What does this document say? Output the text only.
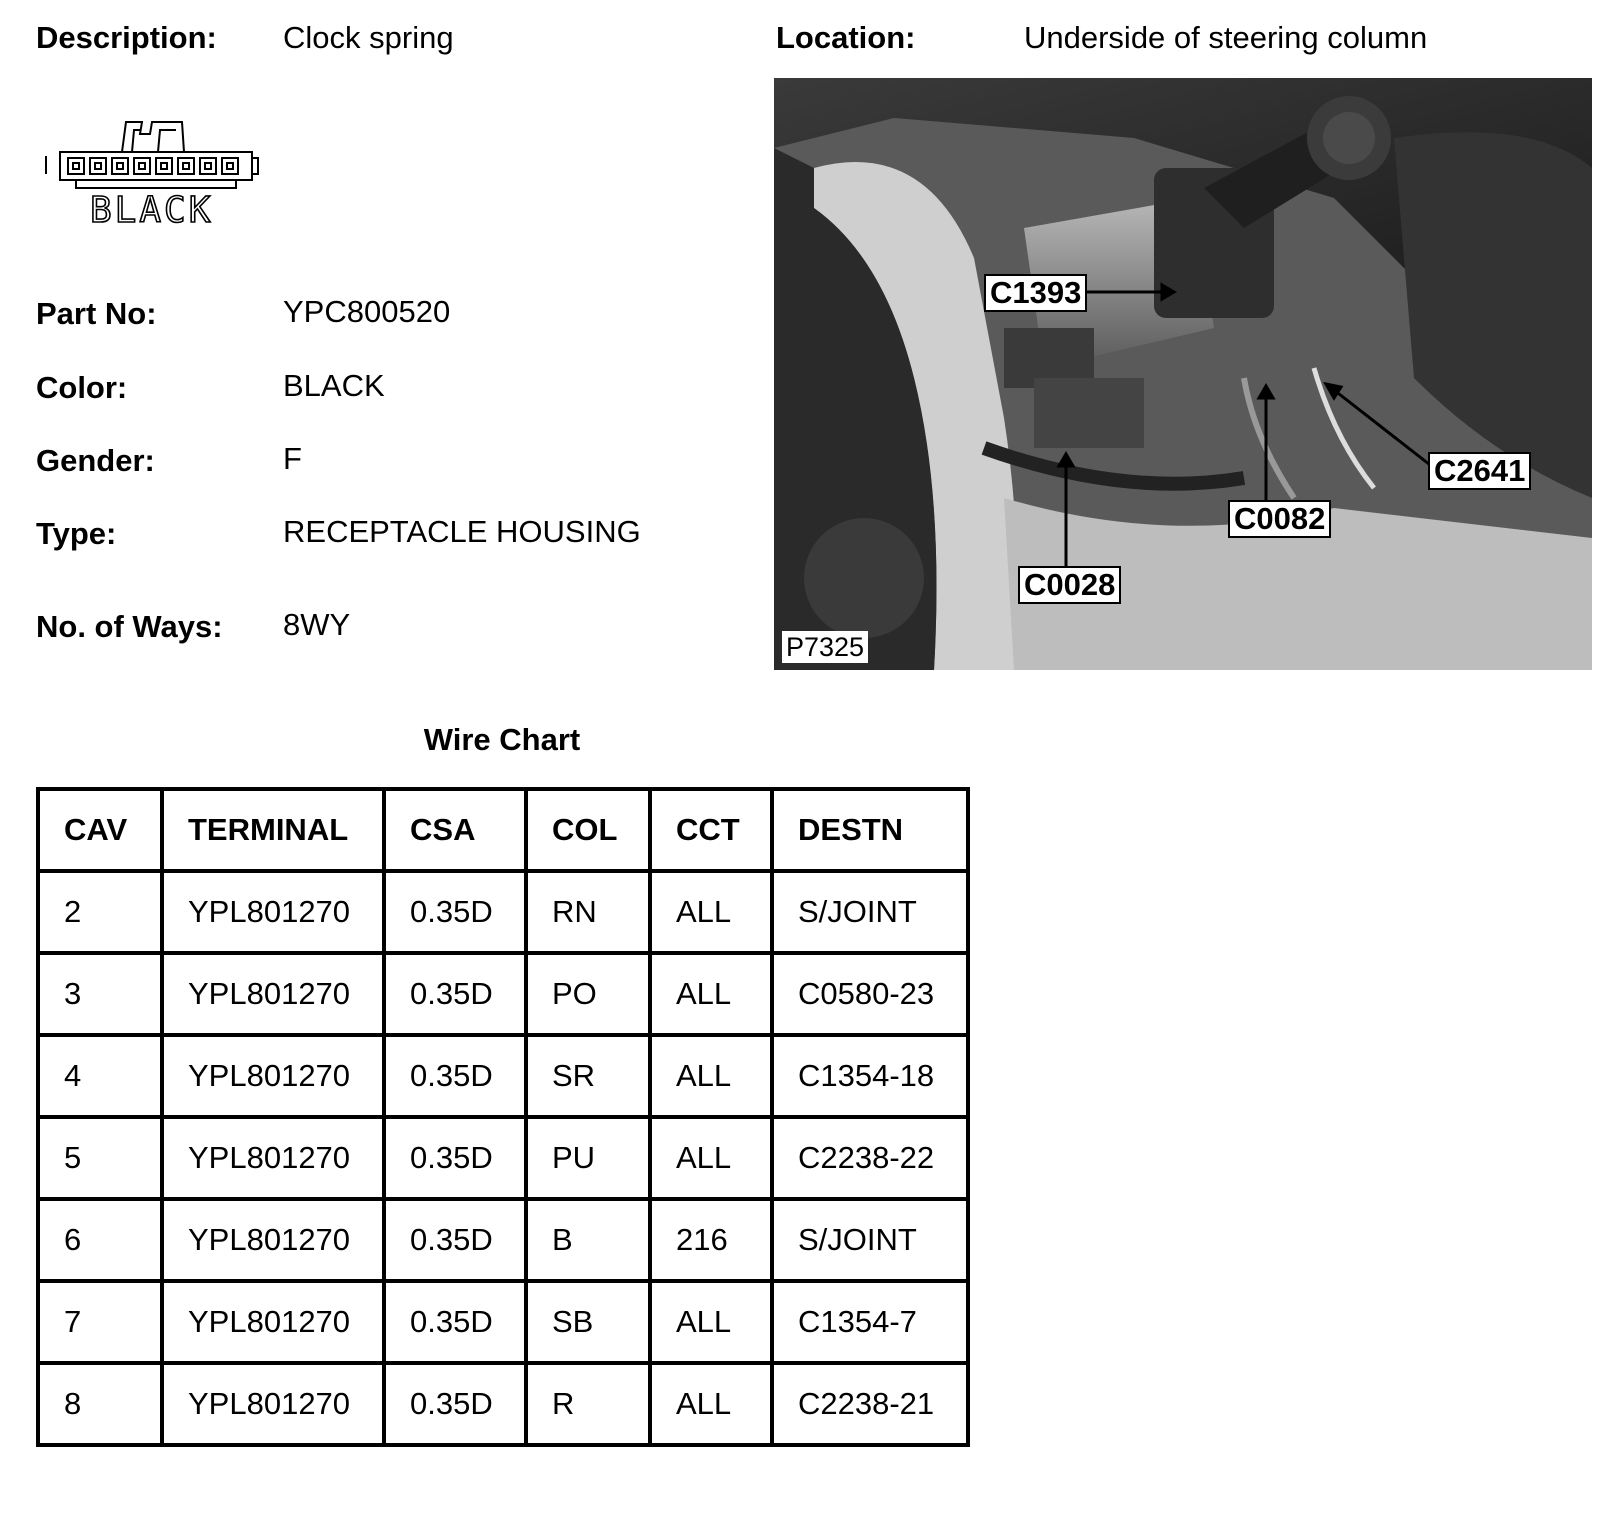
Description: Clock spring	Location:	Underside of steering column
BLACK
Part No:	YPC800520
Color:	BLACK
Gender:	F
Type:	RECEPTACLE HOUSING
No. of Ways: 8WY
C1393
C2641
C0082
C0028
P7325
Wire Chart
CAV	TERMINAL	CSA	COL	CCT	DESTN
2	YPL801270	0.35D	RN	ALL	S/JOINT
3	YPL801270	0.35D	PO	ALL	C0580-23
4	YPL801270	0.35D	SR	ALL	C1354-18
5	YPL801270	0.35D	PU	ALL	C2238-22
6	YPL801270	0.35D	B	216	S/JOINT
7	YPL801270	0.35D	SB	ALL	C1354-7
8	YPL801270	0.35D	R	ALL	C2238-21
